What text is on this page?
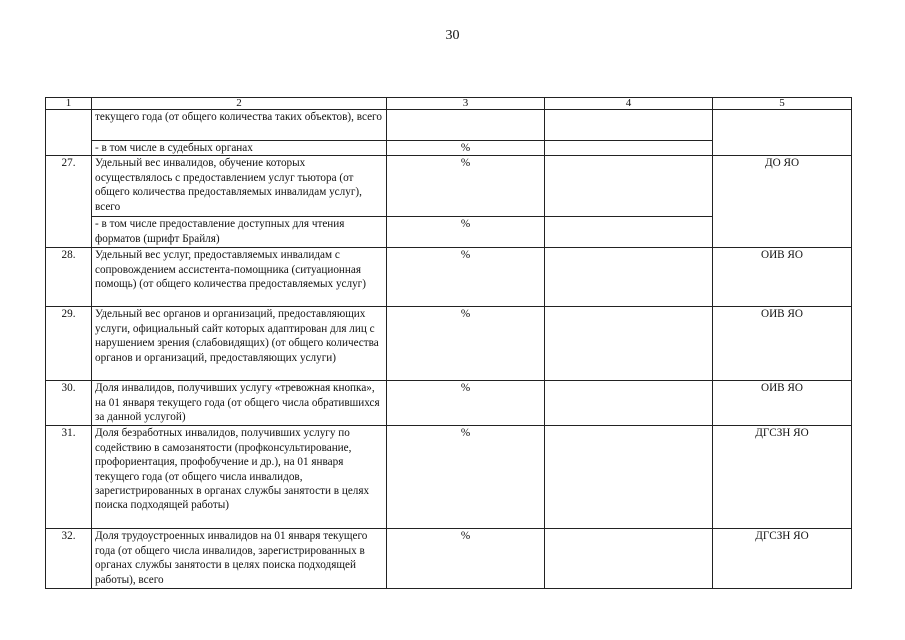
30
1	2	3	4	5
	текущего года (от общего количества таких объектов), всего			
	- в том числе в судебных органах	%		
27.	Удельный вес инвалидов, обучение которых осуществлялось с предоставлением услуг тьютора (от общего количества предоставляемых инвалидам услуг), всего	%		ДО ЯО
	- в том числе предоставление доступных для чтения форматов (шрифт Брайля)	%		
28.	Удельный вес услуг, предоставляемых инвалидам с сопровождением ассистента-помощника (ситуационная помощь) (от общего количества предоставляемых услуг)	%		ОИВ ЯО
29.	Удельный вес органов и организаций, предоставляющих услуги, официальный сайт которых адаптирован для лиц с нарушением зрения (слабовидящих) (от общего количества органов и организаций, предоставляющих услуги)	%		ОИВ ЯО
30.	Доля инвалидов, получивших услугу «тревожная кнопка», на 01 января текущего года (от общего числа обратившихся за данной услугой)	%		ОИВ ЯО
31.	Доля безработных инвалидов, получивших услугу по содействию в самозанятости (профконсультирование, профориентация, профобучение и др.), на 01 января текущего года (от общего числа инвалидов, зарегистрированных в органах службы занятости в целях поиска подходящей работы)	%		ДГСЗН ЯО
32.	Доля трудоустроенных инвалидов на 01 января текущего года (от общего числа инвалидов, зарегистрированных в органах службы занятости в целях поиска подходящей работы), всего	%		ДГСЗН ЯО
